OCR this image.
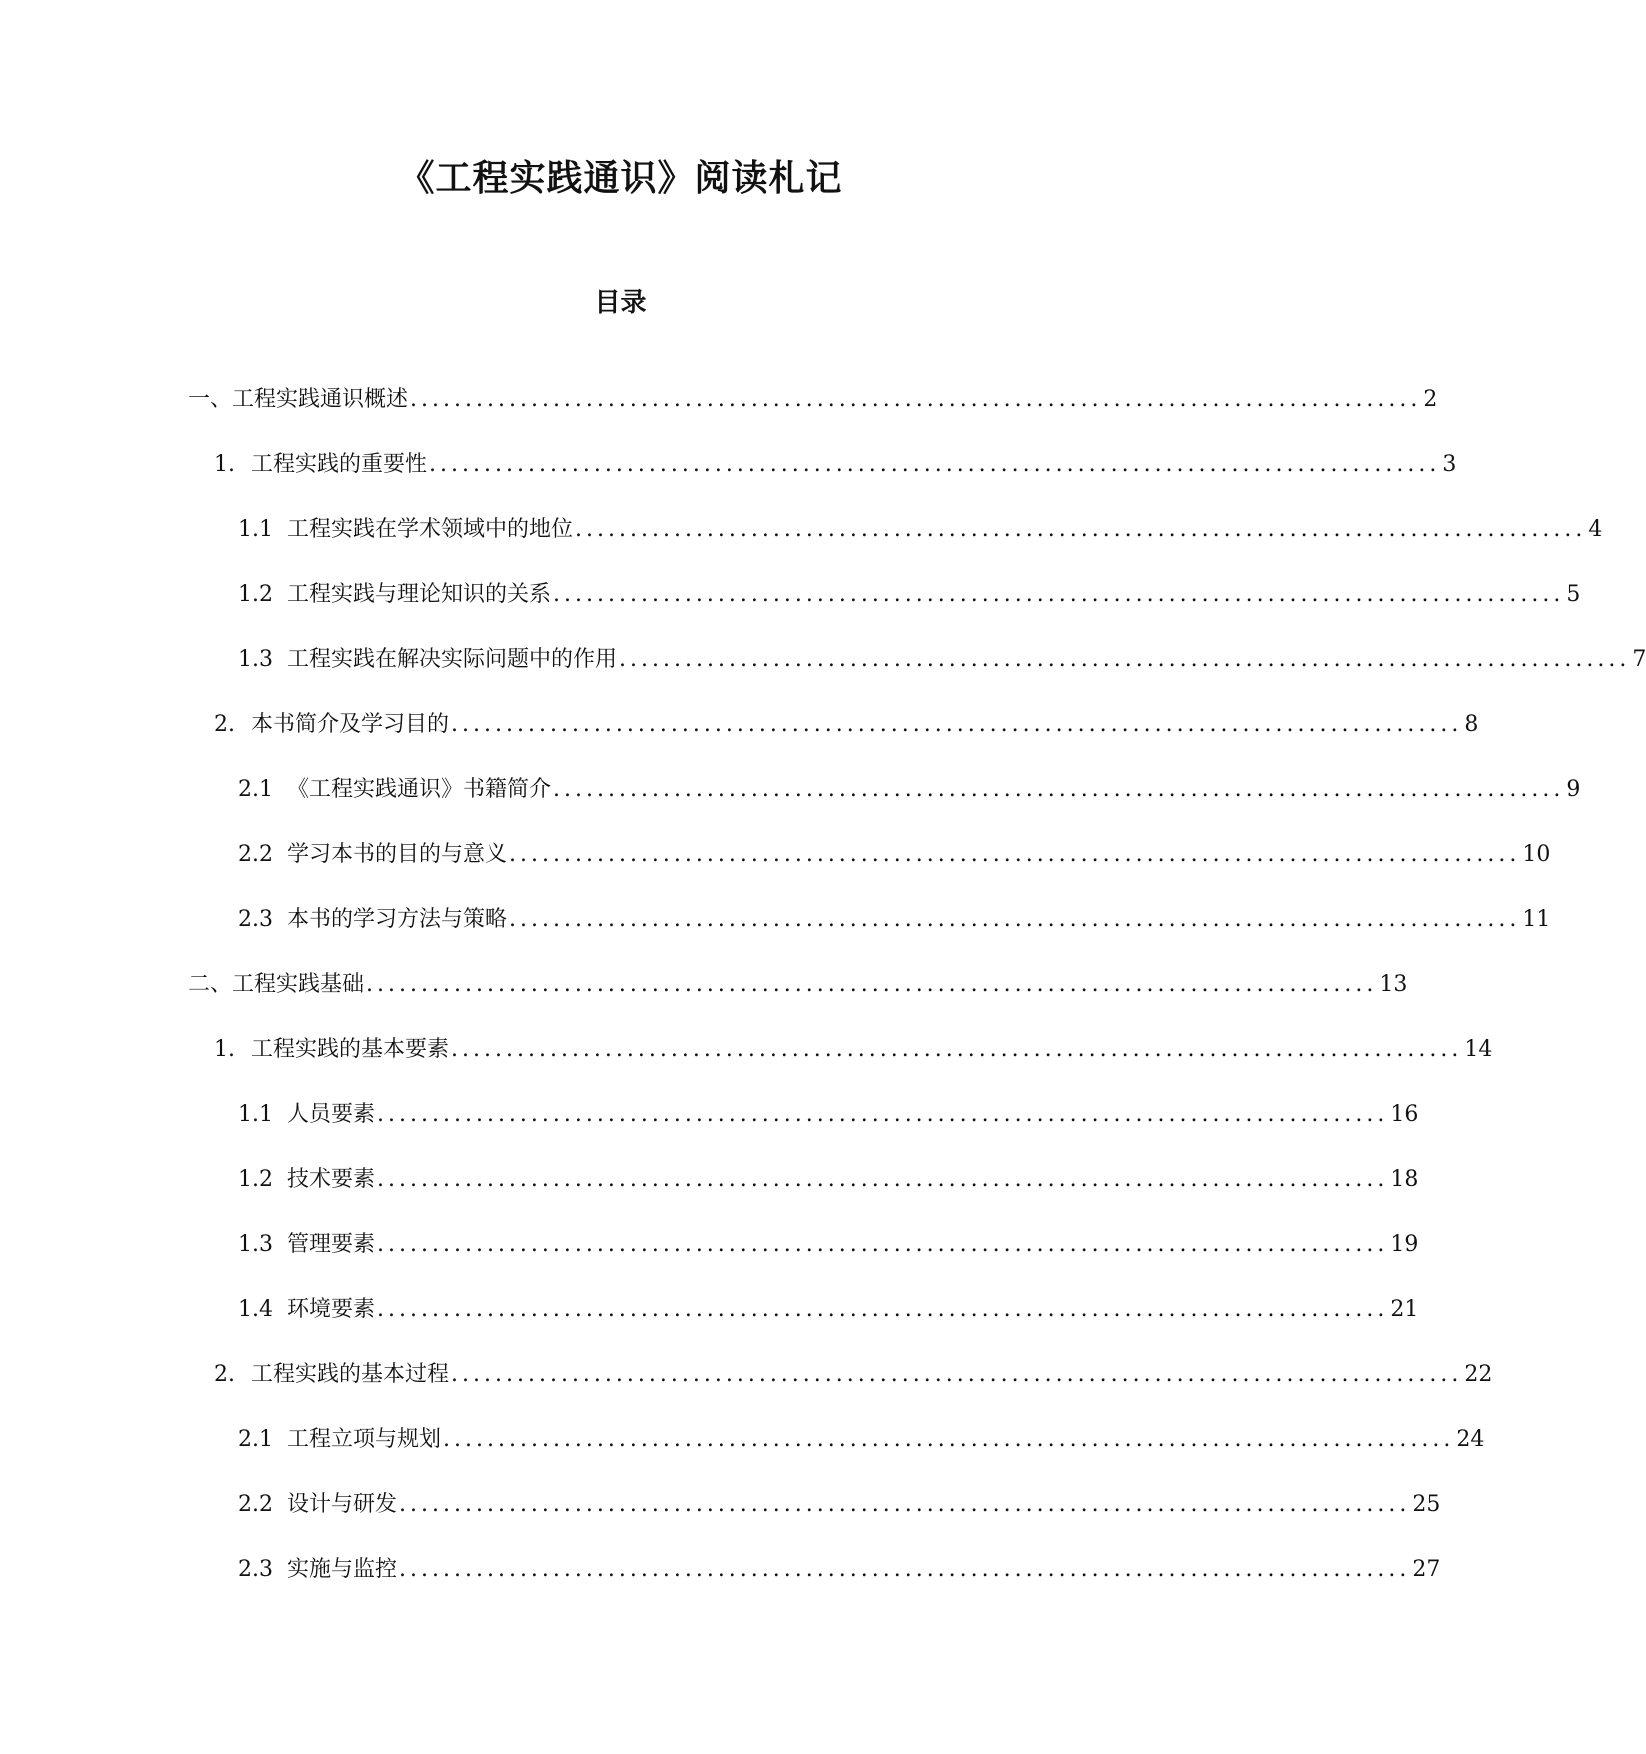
《工程实践通识》阅读札记
目录
一、 工程实践通识概述 ............................................................................................ 2
1. 工程实践的重要性 ............................................................................................ 3
1.1 工程实践在学术领域中的地位 ............................................................................................ 4
1.2 工程实践与理论知识的关系 ............................................................................................ 5
1.3 工程实践在解决实际问题中的作用 ............................................................................................ 7
2. 本书简介及学习目的 ............................................................................................ 8
2.1 《工程实践通识》书籍简介 ............................................................................................ 9
2.2 学习本书的目的与意义 ............................................................................................ 10
2.3 本书的学习方法与策略 ............................................................................................ 11
二、 工程实践基础 ............................................................................................ 13
1. 工程实践的基本要素 ............................................................................................ 14
1.1 人员要素 ............................................................................................ 16
1.2 技术要素 ............................................................................................ 18
1.3 管理要素 ............................................................................................ 19
1.4 环境要素 ............................................................................................ 21
2. 工程实践的基本过程 ............................................................................................ 22
2.1 工程立项与规划 ............................................................................................ 24
2.2 设计与研发 ............................................................................................ 25
2.3 实施与监控 ............................................................................................ 27
